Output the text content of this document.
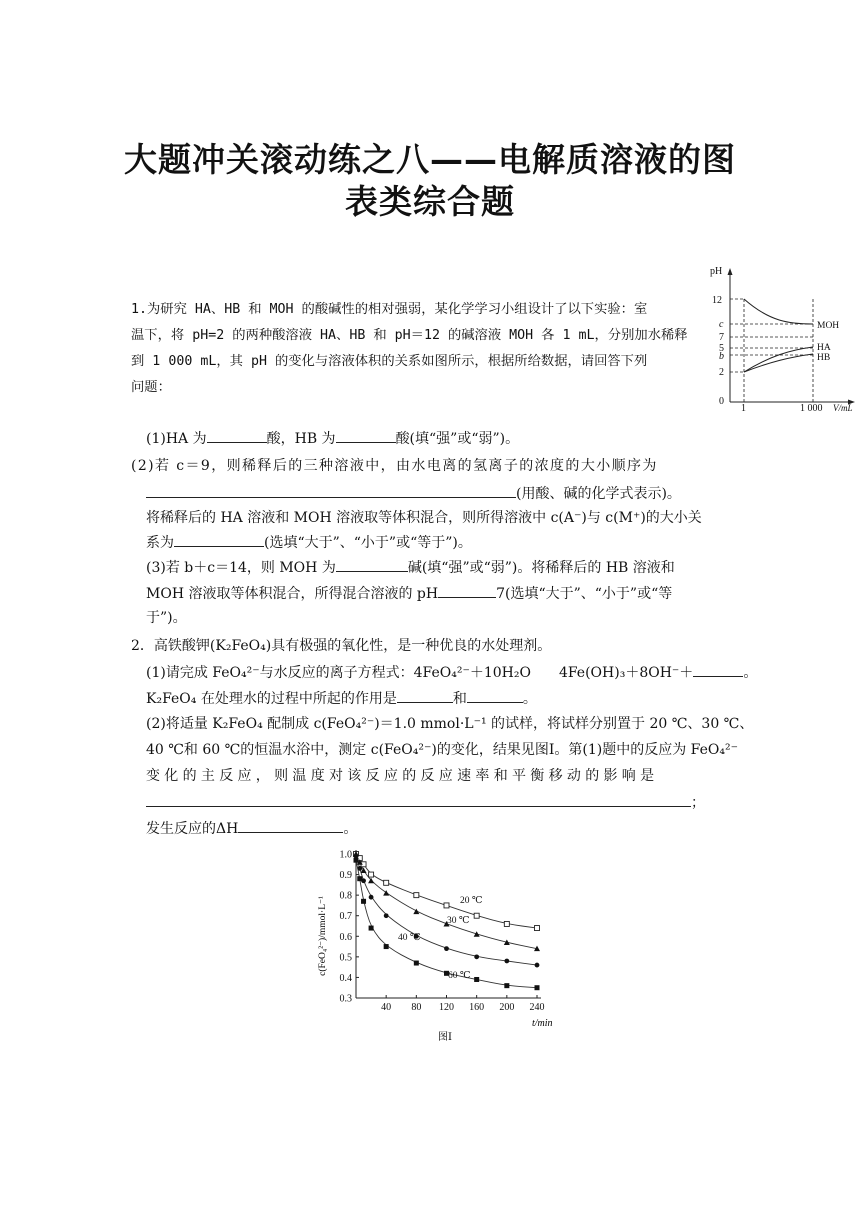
大题冲关滚动练之八——电解质溶液的图
表类综合题
1.为研究 HA、HB 和 MOH 的酸碱性的相对强弱，某化学学习小组设计了以下实验：室
温下，将 pH=2 的两种酸溶液 HA、HB 和 pH＝12 的碱溶液 MOH 各 1 mL，分别加水稀释
到 1 000 mL，其 pH 的变化与溶液体积的关系如图所示，根据所给数据，请回答下列
问题：
(1)HA 为	酸，HB 为	酸(填“强”或“弱”)。
(2)若 c＝9，则稀释后的三种溶液中，由水电离的氢离子的浓度的大小顺序为
(用酸、碱的化学式表示)。
将稀释后的 HA 溶液和 MOH 溶液取等体积混合，则所得溶液中 c(A⁻)与 c(M⁺)的大小关
系为	(选填“大于”、“小于”或“等于”)。
(3)若 b＋c＝14，则 MOH 为	碱(填“强”或“弱”)。将稀释后的 HB 溶液和
MOH 溶液取等体积混合，所得混合溶液的 pH	7(选填“大于”、“小于”或“等
于”)。
pH
12
c
7
5
b
2
0
1	1 000 V/mL
MOH
HA
HB
2．高铁酸钾(K₂FeO₄)具有极强的氧化性，是一种优良的水处理剂。
(1)请完成 FeO₄²⁻与水反应的离子方程式：4FeO₄²⁻＋10H₂O　　4Fe(OH)₃＋8OH⁻＋	。
K₂FeO₄ 在处理水的过程中所起的作用是	和	。
(2)将适量 K₂FeO₄ 配制成 c(FeO₄²⁻)＝1.0 mmol·L⁻¹ 的试样，将试样分别置于 20 ℃、30 ℃、
40 ℃和 60 ℃的恒温水浴中，测定 c(FeO₄²⁻)的变化，结果见图Ⅰ。第(1)题中的反应为 FeO₄²⁻
变化的主反应，则温度对该反应的反应速率和平衡移动的影响是
；
发生反应的ΔH	。
0.3
0.4
0.5
0.6
0.7
0.8
0.9
1.0
40 80 120 160 200 240
20 ℃
30 ℃
40 ℃
60 ℃
c(FeO₄²⁻)/mmol·L⁻¹
t/min
图Ⅰ
